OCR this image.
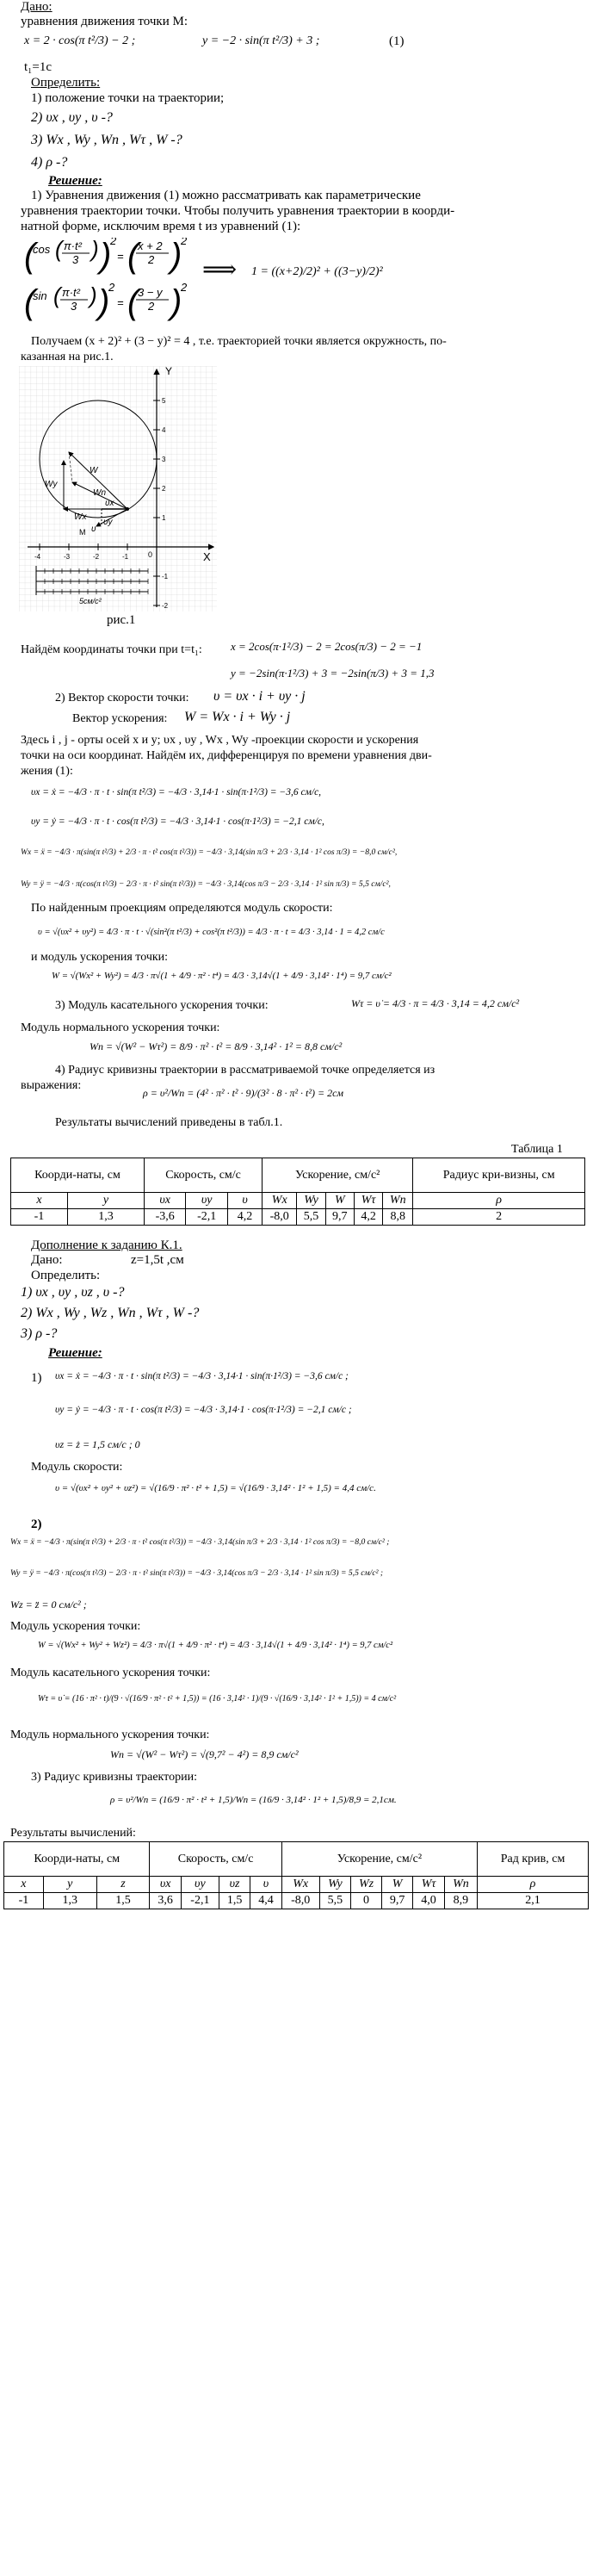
Дано:
уравнения движения точки М:
x = 2 · cos(π t²/3) − 2 ;	y = −2 · sin(π t²/3) + 3 ;	(1)
t₁=1с
Определить:
1) положение точки на траектории;
2) υx , υy , υ -?
3) Wx , Wy , Wn , Wτ , W -?
4) ρ -?
Решение:
1) Уравнения движения (1) можно рассматривать как параметрические
уравнения траектории точки. Чтобы получить уравнения траектории в коорди-
натной форме, исключим время t из уравнений (1):
(
cos ( π·t²
3 ) )
2
= (
x + 2
2 )
2
(
sin ( π·t²
3 ) )
2
= (
3 − y
2 )
2
⟹ 1 = ((x+2)/2)² + ((3−y)/2)²
Получаем (x + 2)² + (3 − y)² = 4 , т.е. траекторией точки является окружность, по-
казанная на рис.1.
Y
X
0
5
4
3
2
1
-1
-2
-4	-3	-2	-1
M
Wn
W
Wy
Wx
υx
υy
υ
5см/с²
рис.1
Найдём координаты точки при t=t₁:	x = 2cos(π·1²/3) − 2 = 2cos(π/3) − 2 = −1
y = −2sin(π·1²/3) + 3 = −2sin(π/3) + 3 = 1,3
2) Вектор скорости точки: υ = υx · i + υy · j
Вектор ускорения: W = Wx · i + Wy · j
Здесь i , j - орты осей x и y; υx , υy , Wx , Wy -проекции скорости и ускорения
точки на оси координат. Найдём их, дифференцируя по времени уравнения дви-
жения (1):
υx = ẋ = −4/3 · π · t · sin(π t²/3) = −4/3 · 3,14·1 · sin(π·1²/3) = −3,6 см/с,
υy = ẏ = −4/3 · π · t · cos(π t²/3) = −4/3 · 3,14·1 · cos(π·1²/3) = −2,1 см/с,
Wx = ẍ = −4/3 · π(sin(π t²/3) + 2/3 · π · t² cos(π t²/3)) = −4/3 · 3,14(sin π/3 + 2/3 · 3,14 · 1² cos π/3) = −8,0 см/с²,
Wy = ÿ = −4/3 · π(cos(π t²/3) − 2/3 · π · t² sin(π t²/3)) = −4/3 · 3,14(cos π/3 − 2/3 · 3,14 · 1² sin π/3) = 5,5 см/с²,
По найденным проекциям определяются модуль скорости:
υ = √(υx² + υy²) = 4/3 · π · t · √(sin²(π t²/3) + cos²(π t²/3)) = 4/3 · π · t = 4/3 · 3,14 · 1 = 4,2 см/с
и модуль ускорения точки:
W = √(Wx² + Wy²) = 4/3 · π√(1 + 4/9 · π² · t⁴) = 4/3 · 3,14√(1 + 4/9 · 3,14² · 1⁴) = 9,7 см/с²
3) Модуль касательного ускорения точки:	Wτ = υ̇ = 4/3 · π = 4/3 · 3,14 = 4,2 см/с²
Модуль нормального ускорения точки:
Wn = √(W² − Wτ²) = 8/9 · π² · t² = 8/9 · 3,14² · 1² = 8,8 см/с²
4) Радиус кривизны траектории в рассматриваемой точке определяется из
выражения:
ρ = υ²/Wn = (4² · π² · t² · 9)/(3² · 8 · π² · t²) = 2см
Результаты вычислений приведены в табл.1.
Таблица 1
Коорди-наты, см		Скорость, см/с			Ускорение, см/с²					Радиус кри-визны, см
x	y	υx	υy	υ	Wx	Wy	W	Wτ	Wn	ρ
-1	1,3	-3,6	-2,1	4,2	-8,0	5,5	9,7	4,2	8,8	2
Дополнение к заданию К.1.
Дано:	z=1,5t ,см
Определить:
1) υx , υy , υz , υ -?
2) Wx , Wy , Wz , Wn , Wτ , W -?
3) ρ -?
Решение:
1) υx = ẋ = −4/3 · π · t · sin(π t²/3) = −4/3 · 3,14·1 · sin(π·1²/3) = −3,6 см/с ;
υy = ẏ = −4/3 · π · t · cos(π t²/3) = −4/3 · 3,14·1 · cos(π·1²/3) = −2,1 см/с ;
υz = ż = 1,5 см/с ; 0
Модуль скорости:
υ = √(υx² + υy² + υz²) = √(16/9 · π² · t² + 1,5) = √(16/9 · 3,14² · 1² + 1,5) = 4,4 см/с.
2)
Wx = ẍ = −4/3 · π(sin(π t²/3) + 2/3 · π · t² cos(π t²/3)) = −4/3 · 3,14(sin π/3 + 2/3 · 3,14 · 1² cos π/3) = −8,0 см/с² ;
Wy = ÿ = −4/3 · π(cos(π t²/3) − 2/3 · π · t² sin(π t²/3)) = −4/3 · 3,14(cos π/3 − 2/3 · 3,14 · 1² sin π/3) = 5,5 см/с² ;
Wz = z̈ = 0 см/с² ;
Модуль ускорения точки:
W = √(Wx² + Wy² + Wz²) = 4/3 · π√(1 + 4/9 · π² · t⁴) = 4/3 · 3,14√(1 + 4/9 · 3,14² · 1⁴) = 9,7 см/с²
Модуль касательного ускорения точки:
Wτ = υ̇ = (16 · π² · t)/(9 · √(16/9 · π² · t² + 1,5)) = (16 · 3,14² · 1)/(9 · √(16/9 · 3,14² · 1² + 1,5)) = 4 см/с²
Модуль нормального ускорения точки:
Wn = √(W² − Wτ²) = √(9,7² − 4²) = 8,9 см/с²
3) Радиус кривизны траектории:
ρ = υ²/Wn = (16/9 · π² · t² + 1,5)/Wn = (16/9 · 3,14² · 1² + 1,5)/8,9 = 2,1см.
Результаты вычислений:
Коорди-наты, см			Скорость, см/с				Ускорение, см/с²						Рад крив, см
x	y	z	υx	υy	υz	υ	Wx	Wy	Wz	W	Wτ	Wn	ρ
-1	1,3	1,5	3,6	-2,1	1,5	4,4	-8,0	5,5	0	9,7	4,0	8,9	2,1
